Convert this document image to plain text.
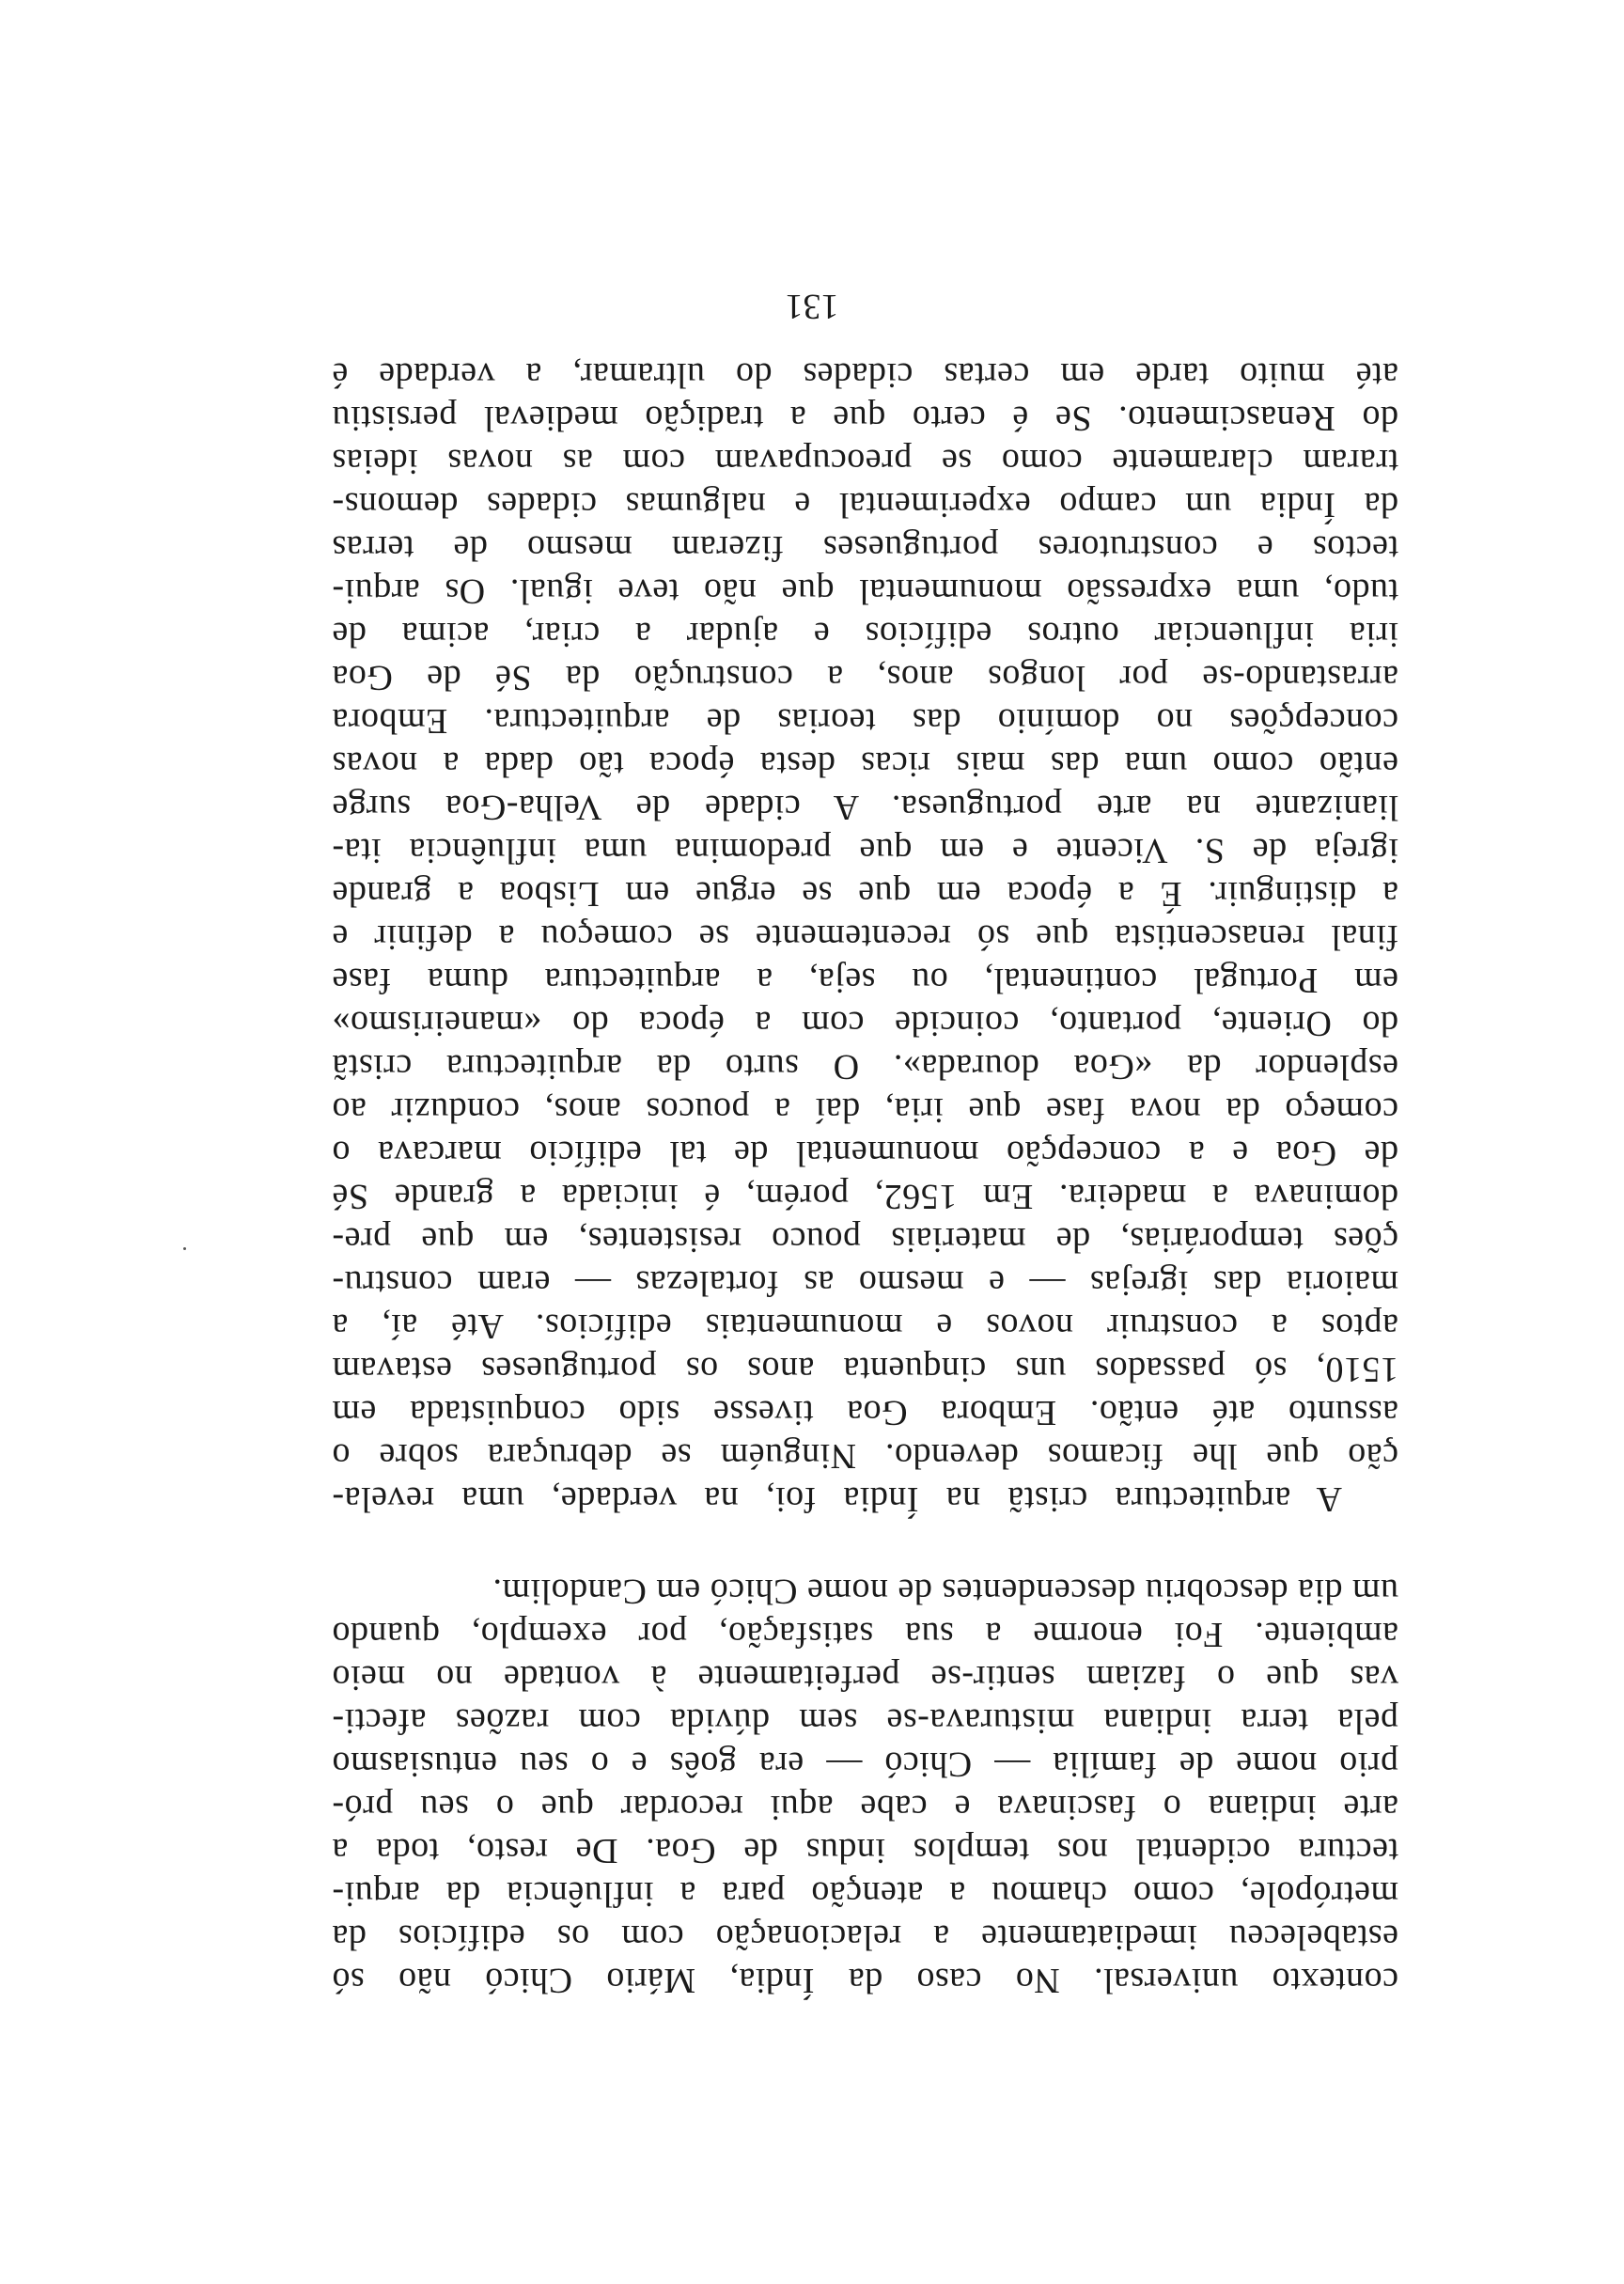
contexto universal. No caso da Índia, Mário Chicó não só
estabeleceu imediatamente a relacionação com os edifícios da
metrópole, como chamou a atenção para a influência da arqui-
tectura ocidental nos templos indus de Goa. De resto, toda a
arte indiana o fascinava e cabe aqui recordar que o seu pró-
prio nome de família — Chicó — era goês e o seu entusiasmo
pela terra indiana misturava-se sem dúvida com razões afecti-
vas que o faziam sentir-se perfeitamente à vontade no meio
ambiente. Foi enorme a sua satisfação, por exemplo, quando
um dia descobriu descendentes de nome Chicó em Candolim.
A arquitectura cristã na Índia foi, na verdade, uma revela-
ção que lhe ficamos devendo. Ninguém se debruçara sobre o
assunto até então. Embora Goa tivesse sido conquistada em
1510, só passados uns cinquenta anos os portugueses estavam
aptos a construir novos e monumentais edifícios. Até aí, a
maioria das igrejas — e mesmo as fortalezas — eram constru-
ções temporárias, de materiais pouco resistentes, em que pre-
dominava a madeira. Em 1562, porém, é iniciada a grande Sé
de Goa e a concepção monumental de tal edifício marcava o
começo da nova fase que iria, daí a poucos anos, conduzir ao
esplendor da «Goa dourada». O surto da arquitectura cristã
do Oriente, portanto, coincide com a época do «maneirismo»
em Portugal continental, ou seja, a arquitectura duma fase
final renascentista que só recentemente se começou a definir e
a distinguir. É a época em que se ergue em Lisboa a grande
igreja de S. Vicente e em que predomina uma influência ita-
lianizante na arte portuguesa. A cidade de Velha-Goa surge
então como uma das mais ricas desta época tão dada a novas
concepções no domínio das teorias de arquitectura. Embora
arrastando-se por longos anos, a construção da Sé de Goa
iria influenciar outros edifícios e ajudar a criar, acima de
tudo, uma expressão monumental que não teve igual. Os arqui-
tectos e construtores portugueses fizeram mesmo de terras
da Índia um campo experimental e nalgumas cidades demons-
traram claramente como se preocupavam com as novas ideias
do Renascimento. Se é certo que a tradição medieval persistiu
até muito tarde em certas cidades do ultramar, a verdade é
131
